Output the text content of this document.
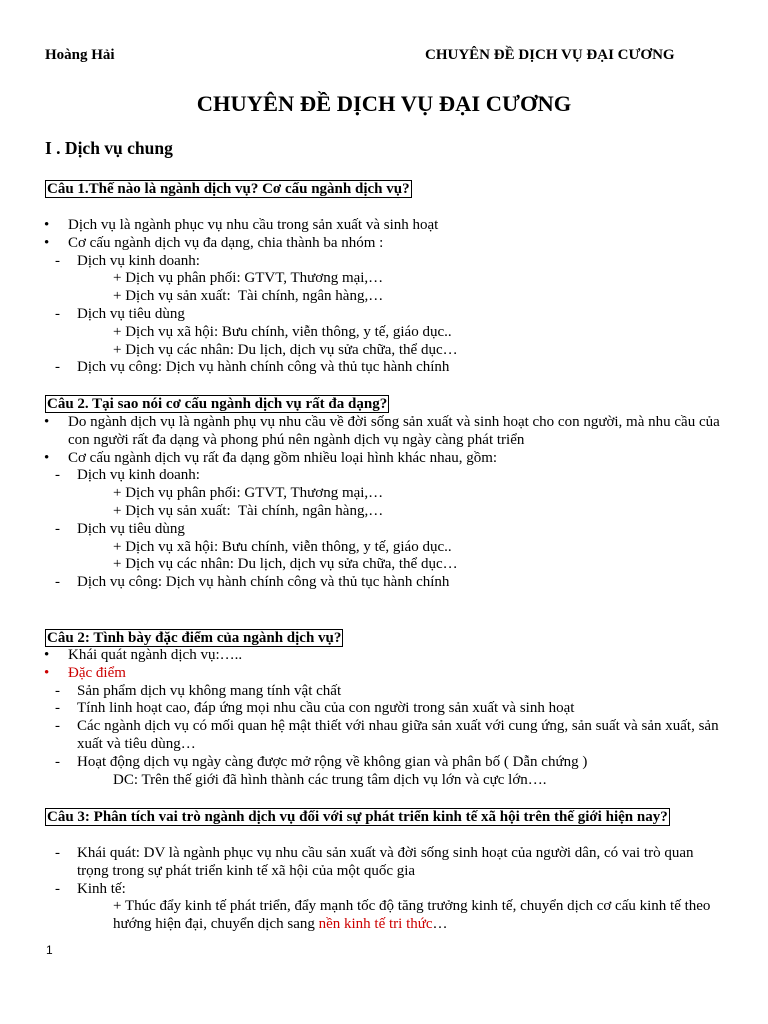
Hoàng Hải	CHUYÊN ĐỀ DỊCH VỤ ĐẠI CƯƠNG
CHUYÊN ĐỀ DỊCH VỤ ĐẠI CƯƠNG
I . Dịch vụ chung
Câu 1.Thế nào là ngành dịch vụ? Cơ cấu ngành dịch vụ?
• Dịch vụ là ngành phục vụ nhu cầu trong sản xuất và sinh hoạt
• Cơ cấu ngành dịch vụ đa dạng, chia thành ba nhóm :
- Dịch vụ kinh doanh:
+ Dịch vụ phân phối: GTVT, Thương mại,…
+ Dịch vụ sản xuất:  Tài chính, ngân hàng,…
- Dịch vụ tiêu dùng
+ Dịch vụ xã hội: Bưu chính, viễn thông, y tế, giáo dục..
+ Dịch vụ các nhân: Du lịch, dịch vụ sửa chữa, thể dục…
- Dịch vụ công: Dịch vụ hành chính công và thủ tục hành chính
Câu 2. Tại sao nói cơ cấu ngành dịch vụ rất đa dạng?
• Do ngành dịch vụ là ngành phụ vụ nhu cầu về đời sống sản xuất và sinh hoạt cho con người, mà nhu cầu của
con người rất đa dạng và phong phú nên ngành dịch vụ ngày càng phát triển
• Cơ cấu ngành dịch vụ rất đa dạng gồm nhiều loại hình khác nhau, gồm:
- Dịch vụ kinh doanh:
+ Dịch vụ phân phối: GTVT, Thương mại,…
+ Dịch vụ sản xuất:  Tài chính, ngân hàng,…
- Dịch vụ tiêu dùng
+ Dịch vụ xã hội: Bưu chính, viễn thông, y tế, giáo dục..
+ Dịch vụ các nhân: Du lịch, dịch vụ sửa chữa, thể dục…
- Dịch vụ công: Dịch vụ hành chính công và thủ tục hành chính
Câu 2: Tình bày đặc điểm của ngành dịch vụ?
• Khái quát ngành dịch vụ:…..
• Đặc điểm
- Sản phẩm dịch vụ không mang tính vật chất
- Tính linh hoạt cao, đáp ứng mọi nhu cầu của con người trong sản xuất và sinh hoạt
- Các ngành dịch vụ có mối quan hệ mật thiết với nhau giữa sản xuất với cung ứng, sản suất và sản xuất, sản
xuất và tiêu dùng…
- Hoạt động dịch vụ ngày càng được mở rộng về không gian và phân bố ( Dẫn chứng )
DC: Trên thế giới đã hình thành các trung tâm dịch vụ lớn và cực lớn….
Câu 3: Phân tích vai trò ngành dịch vụ đối với sự phát triển kinh tế xã hội trên thế giới hiện nay?
- Khái quát: DV là ngành phục vụ nhu cầu sản xuất và đời sống sinh hoạt của người dân, có vai trò quan
trọng trong sự phát triển kinh tế xã hội của một quốc gia
- Kinh tế:
+ Thúc đẩy kinh tế phát triển, đẩy mạnh tốc độ tăng trưởng kinh tế, chuyển dịch cơ cấu kinh tế theo
hướng hiện đại, chuyển dịch sang nền kinh tế tri thức…
1
